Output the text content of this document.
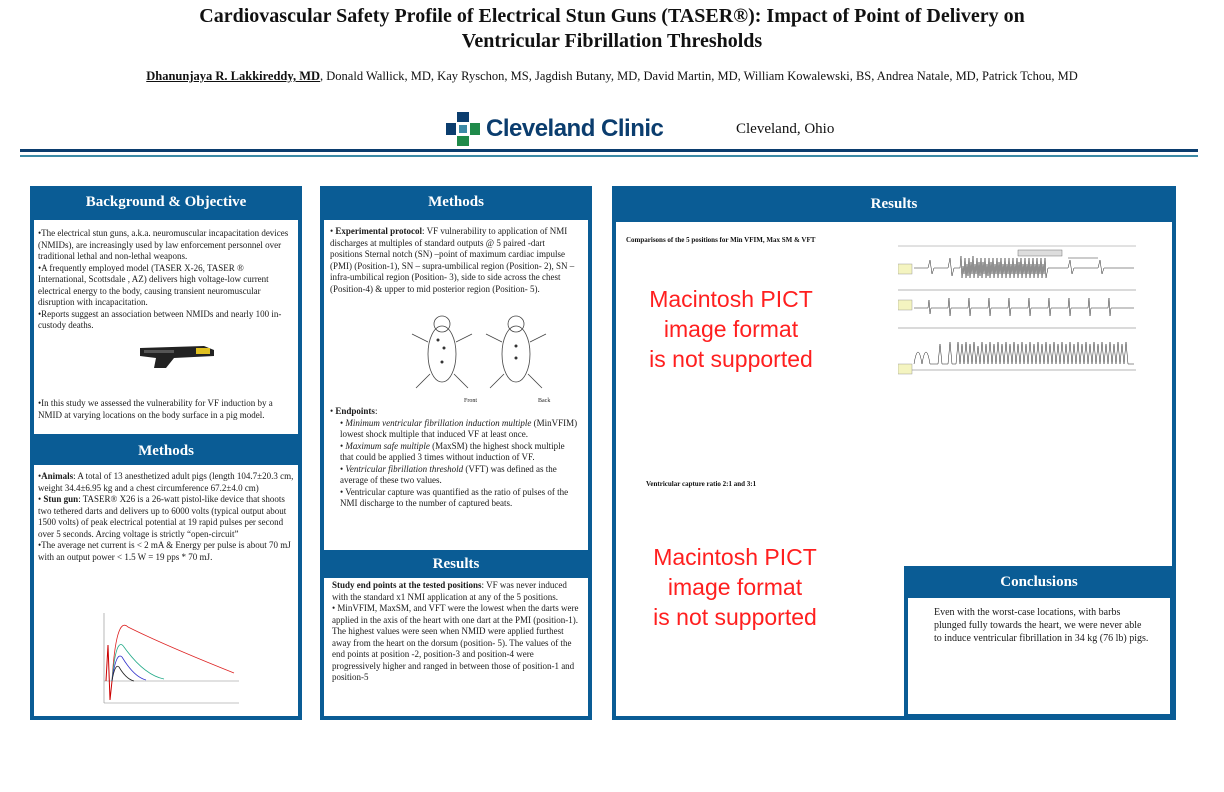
Cardiovascular Safety Profile of Electrical Stun Guns (TASER®): Impact of Point of Delivery on
Ventricular Fibrillation Thresholds
Dhanunjaya R. Lakkireddy, MD, Donald Wallick, MD, Kay Ryschon, MS, Jagdish Butany, MD, David Martin, MD, William Kowalewski, BS, Andrea Natale, MD, Patrick Tchou, MD
Cleveland Clinic	Cleveland, Ohio
Background & Objective

•The electrical stun guns, a.k.a. neuromuscular incapacitation devices (NMIDs), are increasingly used by law enforcement personnel over traditional lethal and non-lethal weapons.

•A frequently employed model (TASER X-26, TASER ® International, Scottsdale , AZ) delivers high voltage-low current electrical energy to the body, causing transient neuromuscular disruption with incapacitation.

•Reports suggest an association between NMIDs and nearly 100 in-custody deaths.

•In this study we assessed the vulnerability for VF induction by a NMID at varying locations on the body surface in a pig model.

Methods

•Animals: A total of 13 anesthetized adult pigs (length 104.7±20.3 cm, weight 34.4±6.95 kg and a chest circumference 67.2±4.0 cm)

• Stun gun: TASER® X26 is a 26-watt pistol-like device that shoots two tethered darts and delivers up to 6000 volts (typical output about 1500 volts) of peak electrical potential at 19 rapid pulses per second over 5 seconds. Arcing voltage is strictly “open-circuit”

•The average net current is < 2 mA & Energy per pulse is about 70 mJ with an output power < 1.5 W = 19 pps * 70 mJ.

Methods
• Experimental protocol: VF vulnerability to application of NMI discharges at multiples of standard outputs @ 5 paired -dart positions Sternal notch (SN) –point of maximum cardiac impulse (PMI) (Position-1), SN – supra-umbilical region (Position- 2), SN – infra-umbilical region (Position- 3), side to side across the chest (Position-4) & upper to mid posterior region (Position- 5).
Front	Back
• Endpoints:
• Minimum ventricular fibrillation induction multiple (MinVFIM) lowest shock multiple that induced VF at least once.
• Maximum safe multiple (MaxSM) the highest shock multiple that could be applied 3 times without induction of VF.
• Ventricular fibrillation threshold (VFT) was defined as the average of these two values.
• Ventricular capture was quantified as the ratio of pulses of the NMI discharge to the number of captured beats.
Results
Study end points at the tested positions: VF was never induced with the standard x1 NMI application at any of the 5 positions.
• MinVFIM, MaxSM, and VFT were the lowest when the darts were applied in the axis of the heart with one dart at the PMI (position-1). The highest values were seen when NMID were applied furthest away from the heart on the dorsum (position- 5). The values of the end points at position -2, position-3 and position-4 were progressively higher and ranged in between those of position-1 and position-5
Results
Comparisons of the 5 positions for Min VFIM, Max SM & VFT
Macintosh PICT
image format
is not supported
Ventricular capture ratio 2:1 and 3:1
Macintosh PICT
image format
is not supported
Conclusions

Even with the worst-case locations, with barbs plunged fully towards the heart, we were never able to induce ventricular fibrillation in 34 kg (76 lb) pigs.
